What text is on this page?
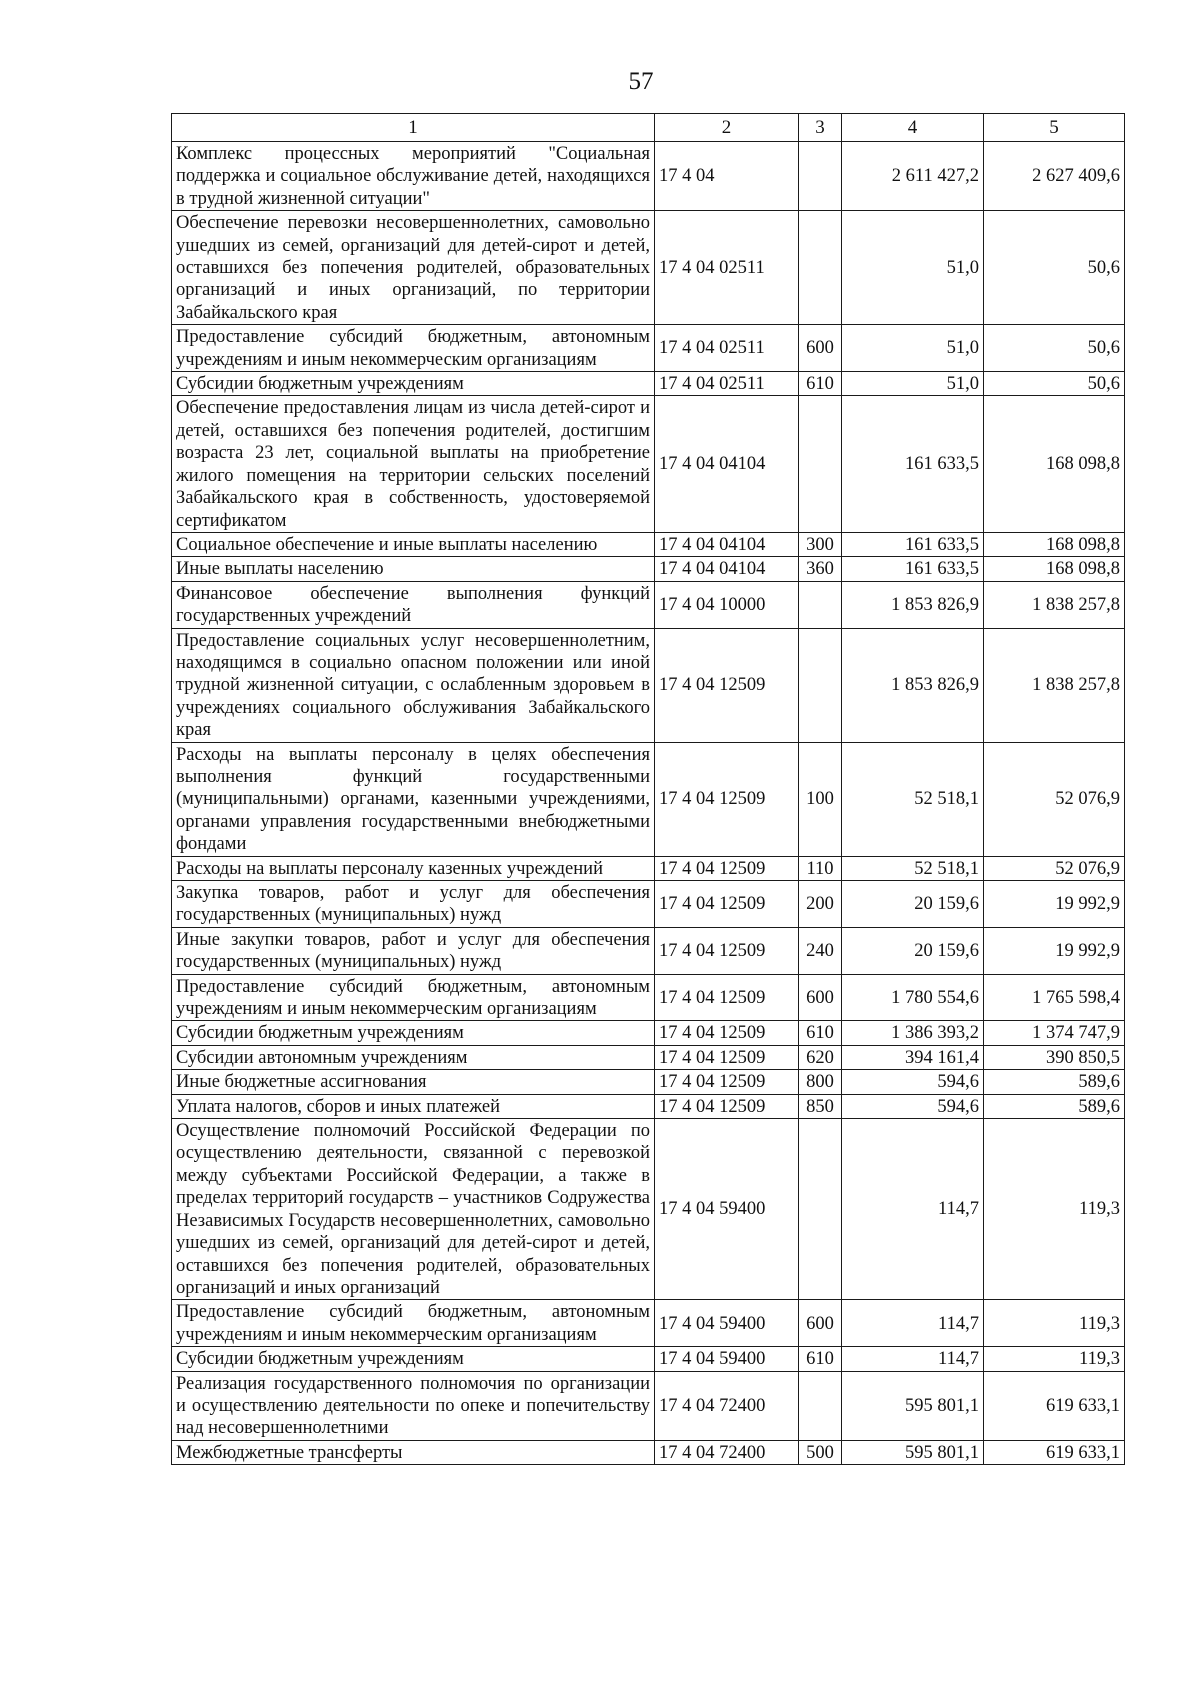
57
1	2	3	4	5
Комплекс процессных мероприятий "Социальная поддержка и социальное обслуживание детей, находящихся в трудной жизненной ситуации"	17 4 04		2 611 427,2	2 627 409,6
Обеспечение перевозки несовершеннолетних, самовольно ушедших из семей, организаций для детей-сирот и детей, оставшихся без попечения родителей, образовательных организаций и иных организаций, по территории Забайкальского края	17 4 04 02511		51,0	50,6
Предоставление субсидий бюджетным, автономным учреждениям и иным некоммерческим организациям	17 4 04 02511	600	51,0	50,6
Субсидии бюджетным учреждениям	17 4 04 02511	610	51,0	50,6
Обеспечение предоставления лицам из числа детей-сирот и детей, оставшихся без попечения родителей, достигшим возраста 23 лет, социальной выплаты на приобретение жилого помещения на территории сельских поселений Забайкальского края в собственность, удостоверяемой сертификатом	17 4 04 04104		161 633,5	168 098,8
Социальное обеспечение и иные выплаты населению	17 4 04 04104	300	161 633,5	168 098,8
Иные выплаты населению	17 4 04 04104	360	161 633,5	168 098,8
Финансовое обеспечение выполнения функций государственных учреждений	17 4 04 10000		1 853 826,9	1 838 257,8
Предоставление социальных услуг несовершеннолетним, находящимся в социально опасном положении или иной трудной жизненной ситуации, с ослабленным здоровьем в учреждениях социального обслуживания Забайкальского края	17 4 04 12509		1 853 826,9	1 838 257,8
Расходы на выплаты персоналу в целях обеспечения выполнения функций государственными (муниципальными) органами, казенными учреждениями, органами управления государственными внебюджетными фондами	17 4 04 12509	100	52 518,1	52 076,9
Расходы на выплаты персоналу казенных учреждений	17 4 04 12509	110	52 518,1	52 076,9
Закупка товаров, работ и услуг для обеспечения государственных (муниципальных) нужд	17 4 04 12509	200	20 159,6	19 992,9
Иные закупки товаров, работ и услуг для обеспечения государственных (муниципальных) нужд	17 4 04 12509	240	20 159,6	19 992,9
Предоставление субсидий бюджетным, автономным учреждениям и иным некоммерческим организациям	17 4 04 12509	600	1 780 554,6	1 765 598,4
Субсидии бюджетным учреждениям	17 4 04 12509	610	1 386 393,2	1 374 747,9
Субсидии автономным учреждениям	17 4 04 12509	620	394 161,4	390 850,5
Иные бюджетные ассигнования	17 4 04 12509	800	594,6	589,6
Уплата налогов, сборов и иных платежей	17 4 04 12509	850	594,6	589,6
Осуществление полномочий Российской Федерации по осуществлению деятельности, связанной с перевозкой между субъектами Российской Федерации, а также в пределах территорий государств – участников Содружества Независимых Государств несовершеннолетних, самовольно ушедших из семей, организаций для детей-сирот и детей, оставшихся без попечения родителей, образовательных организаций и иных организаций	17 4 04 59400		114,7	119,3
Предоставление субсидий бюджетным, автономным учреждениям и иным некоммерческим организациям	17 4 04 59400	600	114,7	119,3
Субсидии бюджетным учреждениям	17 4 04 59400	610	114,7	119,3
Реализация государственного полномочия по организации и осуществлению деятельности по опеке и попечительству над несовершеннолетними	17 4 04 72400		595 801,1	619 633,1
Межбюджетные трансферты	17 4 04 72400	500	595 801,1	619 633,1
